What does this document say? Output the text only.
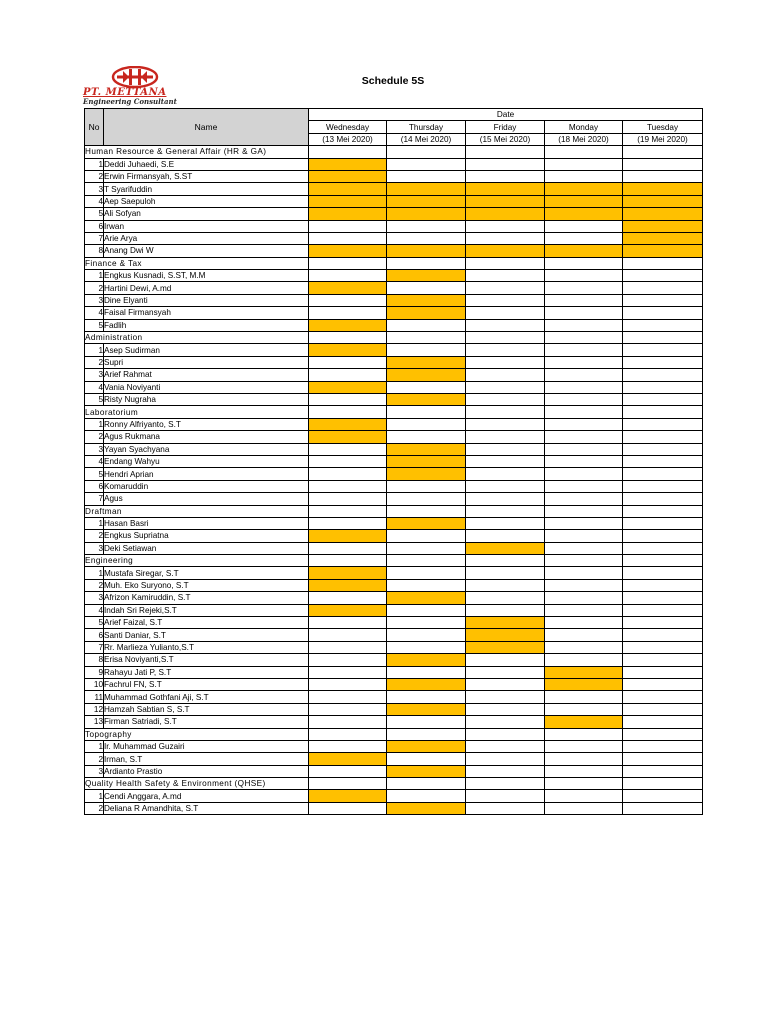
PT. METTANA
Engineering Consultant
Schedule 5S
No	Name	Date				
		Wednesday	Thursday	Friday	Monday	Tuesday
		(13 Mei 2020)	(14 Mei 2020)	(15 Mei 2020)	(18 Mei 2020)	(19 Mei 2020)
Human Resource & General Affair (HR & GA)						
1	Deddi Juhaedi, S.E					
2	Erwin Firmansyah, S.ST					
3	T Syarifuddin					
4	Aep Saepuloh					
5	Ali Sofyan					
6	Irwan					
7	Arie Arya					
8	Anang Dwi W					
Finance & Tax						
1	Engkus Kusnadi, S.ST, M.M					
2	Hartini Dewi, A.md					
3	Dine Elyanti					
4	Faisal Firmansyah					
5	Fadlih					
Administration						
1	Asep Sudirman					
2	Supri					
3	Arief Rahmat					
4	Vania Noviyanti					
5	Risty Nugraha					
Laboratorium						
1	Ronny Alfriyanto, S.T					
2	Agus Rukmana					
3	Yayan Syachyana					
4	Endang Wahyu					
5	Hendri Aprian					
6	Komaruddin					
7	Agus					
Draftman						
1	Hasan Basri					
2	Engkus Supriatna					
3	Deki Setiawan					
Engineering						
1	Mustafa Siregar, S.T					
2	Muh. Eko Suryono, S.T					
3	Afrizon Kamiruddin, S.T					
4	Indah Sri Rejeki,S.T					
5	Arief Faizal, S.T					
6	Santi Daniar, S.T					
7	Rr. Marlieza Yulianto,S.T					
8	Erisa Noviyanti,S.T					
9	Rahayu Jati P, S.T					
10	Fachrul FN, S.T					
11	Muhammad Gothfani Aji, S.T					
12	Hamzah Sabtian S, S.T					
13	Firman Satriadi, S.T					
Topography						
1	Ir. Muhammad Guzairi					
2	Irman, S.T					
3	Ardianto Prastio					
Quality Health Safety & Environment (QHSE)						
1	Cendi Anggara, A.md					
2	Deliana R Amandhita, S.T					
